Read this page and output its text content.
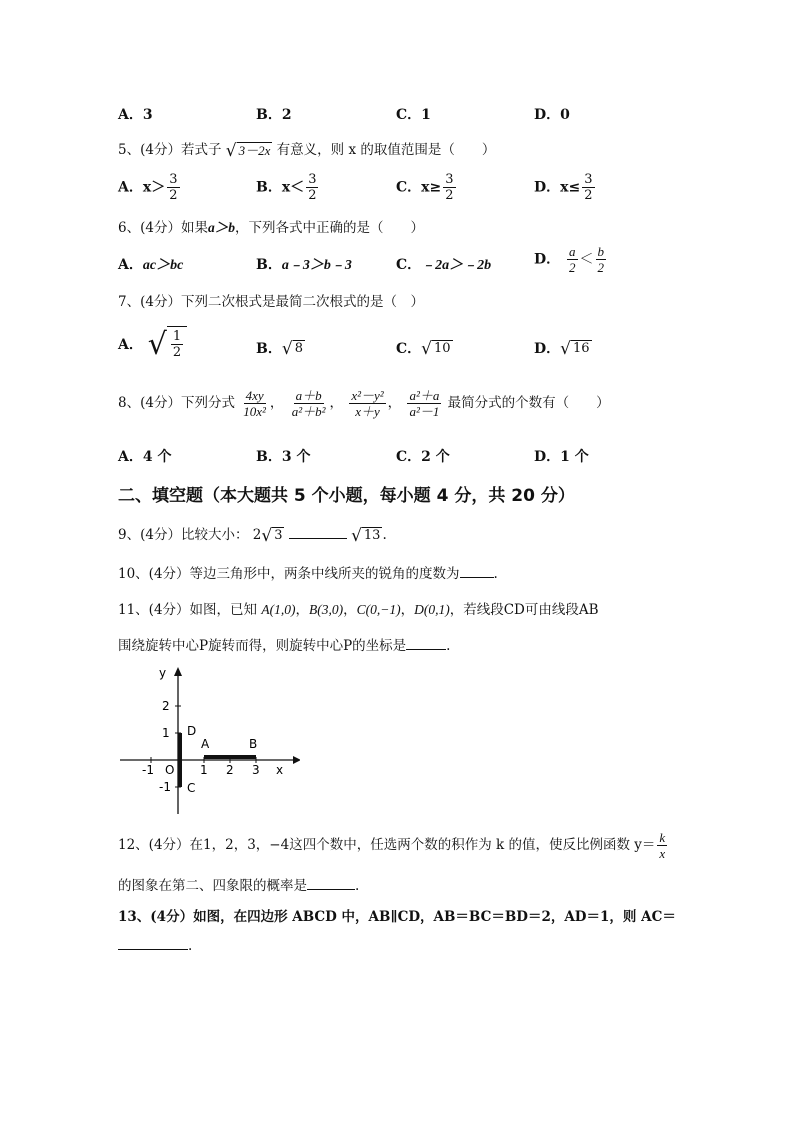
A．3	B．2	C．1	D．0
5、(4分）若式子 √ 3－2x 有意义，则 x 的取值范围是（　　）
A．$x> \frac{3}{2}$	B．$x< \frac{3}{2}$	C．$x\ge \frac{3}{2}$	D．$x\le \frac{3}{2}$
6、(4分）如果a＞b，下列各式中正确的是（　　）
A．ac＞bc	B．a﹣3＞b﹣3	C．﹣2a＞﹣2b	D． $\frac{a}{2} < \frac{b}{2}$
7、(4分）下列二次根式是最简二次根式的是（　）
A． √ $\frac{1}{2}$	B． √ 8	C． √ 10	D． √ 16
8、(4分）下列分式 $\frac{4xy}{\text{10x²}}$ ， $\frac{a+b}{\text{a²＋b²}}$ ， $\frac{\text{x²－y²}}{x+y}$ ， $\frac{\text{a²＋a}}{\text{a²－1}}$ 最简分式的个数有（　　）
A．4 个	B．3 个	C．2 个	D．1 个
二、填空题（本大题共 5 个小题，每小题 4 分，共 20 分）
9、(4分）比较大小： 2 √ 3
	√ 13 .
10、(4分）等边三角形中，两条中线所夹的锐角的度数为	.
11、(4分）如图，已知 A(1,0)，B(3,0)，C(0,−1)，D(0,1)，若线段CD可由线段AB
围绕旋转中心P旋转而得，则旋转中心P的坐标是	.
y
x
2
1
-1
-1	1 2 3
O
A	B
C
D
12、(4分）在1，2，3，−4这四个数中，任选两个数的积作为 k 的值，使反比例函数 $y= \frac{k}{x}$
的图象在第二、四象限的概率是	.
13、(4分）如图，在四边形 ABCD 中，AB∥CD，AB＝BC＝BD＝2，AD＝1，则 AC＝
.
